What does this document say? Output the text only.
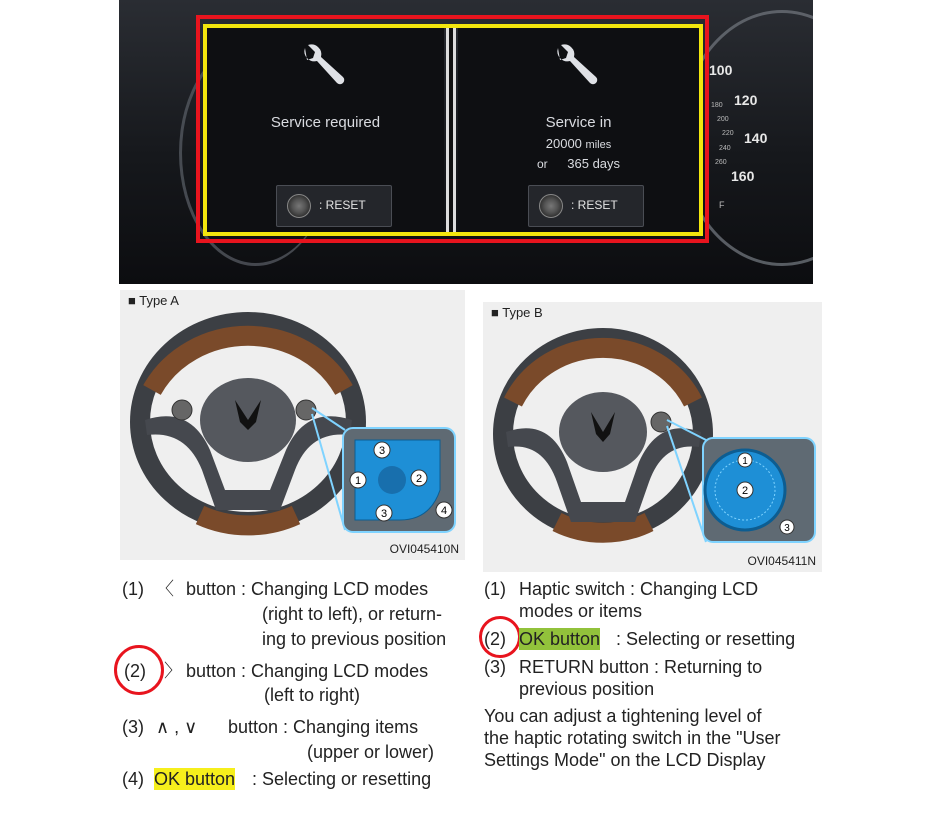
100
120
140
160
180
200
220
240
260
F
Service required
: RESET
Service in
20000 miles
or 365 days
: RESET
■ Type A
3
1	2
3	4
OVI045410N
■ Type B
1
2
3
OVI045411N
(1) 〈 button : Changing LCD modes
(right to left), or return-
ing to previous position
(2) 〉 button : Changing LCD modes
(left to right)
(3) ∧ , ∨ button : Changing items
(upper or lower)
(4) OK button : Selecting or resetting
(1) Haptic switch : Changing LCD
modes or items
(2) OK button : Selecting or resetting
(3) RETURN button : Returning to
previous position
You can adjust a tightening level of
the haptic rotating switch in the "User
Settings Mode" on the LCD Display
